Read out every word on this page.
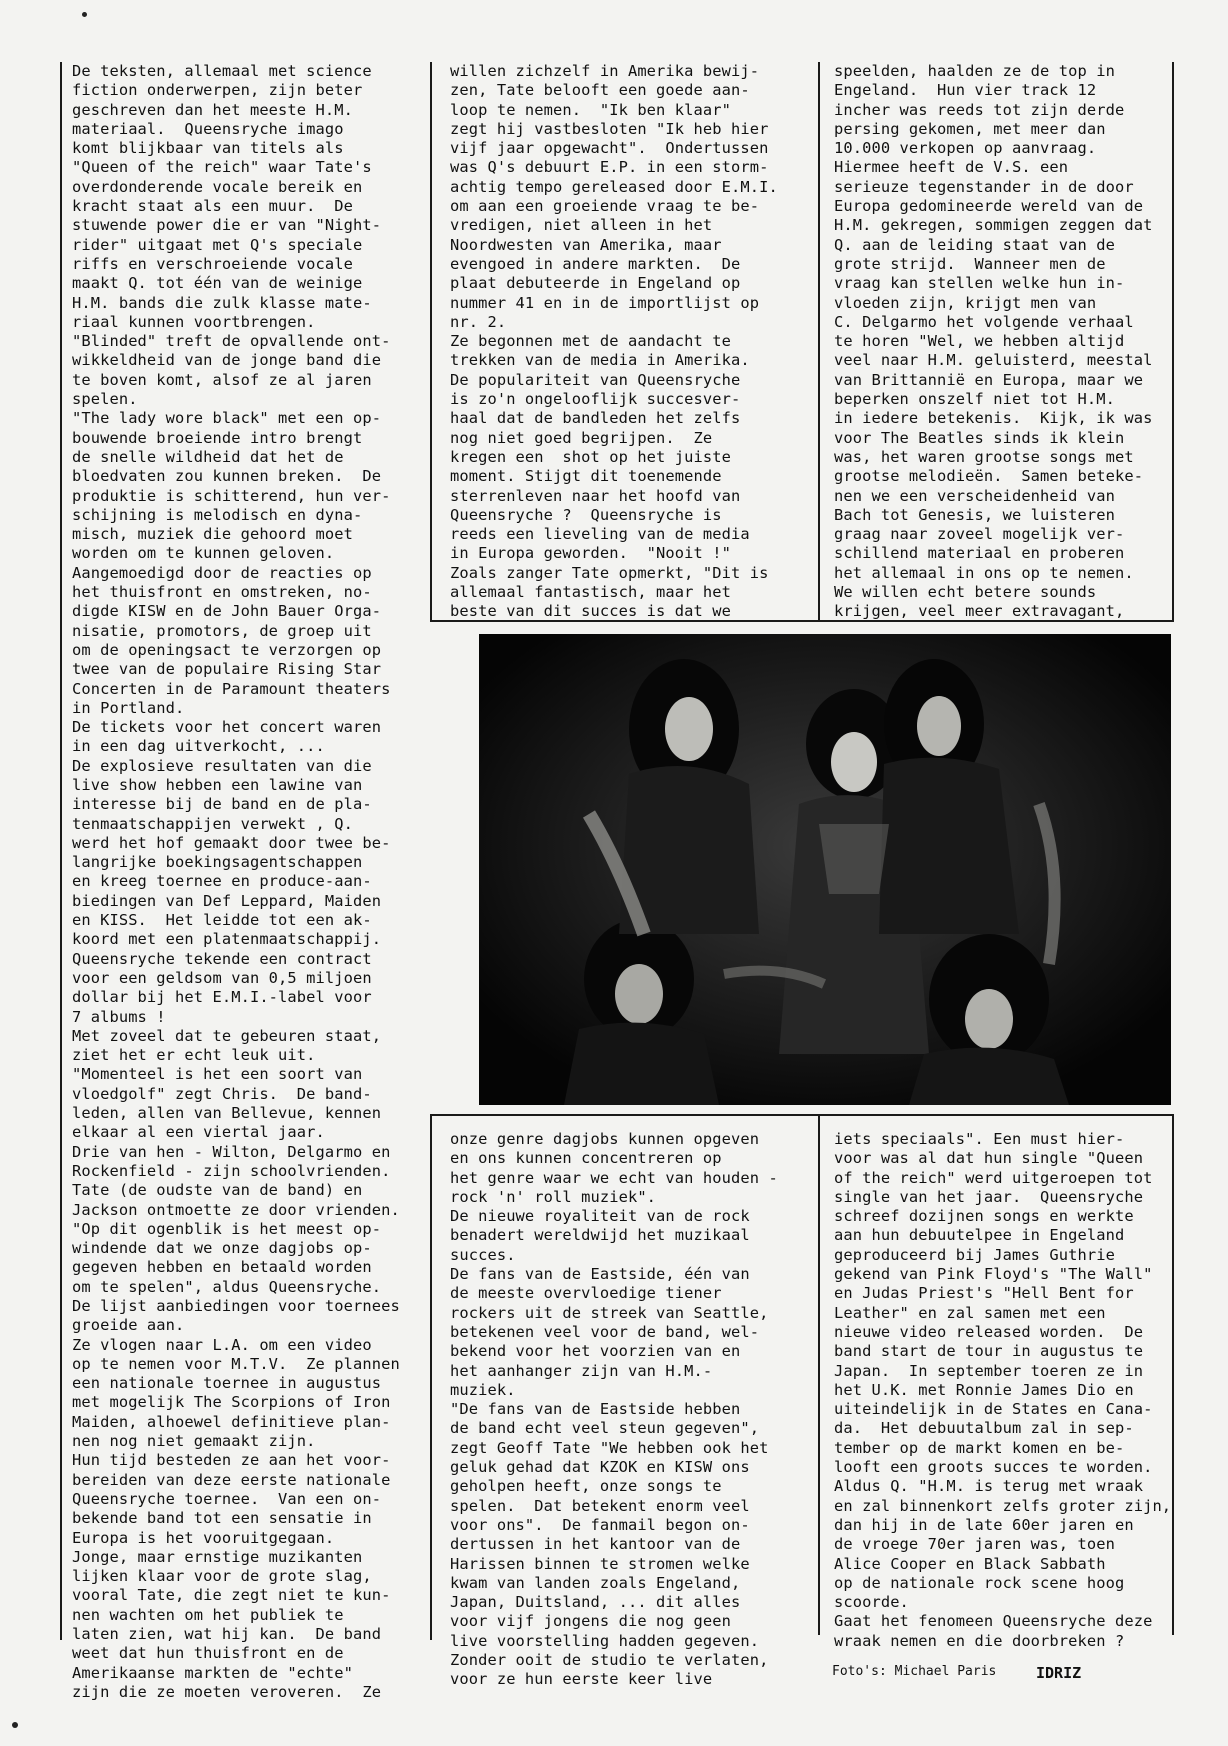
De teksten, allemaal met science
fiction onderwerpen, zijn beter
geschreven dan het meeste H.M.
materiaal.  Queensryche imago
komt blijkbaar van titels als
"Queen of the reich" waar Tate's
overdonderende vocale bereik en
kracht staat als een muur.  De
stuwende power die er van "Night-
rider" uitgaat met Q's speciale
riffs en verschroeiende vocale
maakt Q. tot één van de weinige
H.M. bands die zulk klasse mate-
riaal kunnen voortbrengen.
"Blinded" treft de opvallende ont-
wikkeldheid van de jonge band die
te boven komt, alsof ze al jaren
spelen.
"The lady wore black" met een op-
bouwende broeiende intro brengt
de snelle wildheid dat het de
bloedvaten zou kunnen breken.  De
produktie is schitterend, hun ver-
schijning is melodisch en dyna-
misch, muziek die gehoord moet
worden om te kunnen geloven.
Aangemoedigd door de reacties op
het thuisfront en omstreken, no-
digde KISW en de John Bauer Orga-
nisatie, promotors, de groep uit
om de openingsact te verzorgen op
twee van de populaire Rising Star
Concerten in de Paramount theaters
in Portland.
De tickets voor het concert waren
in een dag uitverkocht, ...
De explosieve resultaten van die
live show hebben een lawine van
interesse bij de band en de pla-
tenmaatschappijen verwekt , Q.
werd het hof gemaakt door twee be-
langrijke boekingsagentschappen
en kreeg toernee en produce-aan-
biedingen van Def Leppard, Maiden
en KISS.  Het leidde tot een ak-
koord met een platenmaatschappij.
Queensryche tekende een contract
voor een geldsom van 0,5 miljoen
dollar bij het E.M.I.-label voor
7 albums !
Met zoveel dat te gebeuren staat,
ziet het er echt leuk uit.
"Momenteel is het een soort van
vloedgolf" zegt Chris.  De band-
leden, allen van Bellevue, kennen
elkaar al een viertal jaar.
Drie van hen - Wilton, Delgarmo en
Rockenfield - zijn schoolvrienden.
Tate (de oudste van de band) en
Jackson ontmoette ze door vrienden.
"Op dit ogenblik is het meest op-
windende dat we onze dagjobs op-
gegeven hebben en betaald worden
om te spelen", aldus Queensryche.
De lijst aanbiedingen voor toernees
groeide aan.
Ze vlogen naar L.A. om een video
op te nemen voor M.T.V.  Ze plannen
een nationale toernee in augustus
met mogelijk The Scorpions of Iron
Maiden, alhoewel definitieve plan-
nen nog niet gemaakt zijn.
Hun tijd besteden ze aan het voor-
bereiden van deze eerste nationale
Queensryche toernee.  Van een on-
bekende band tot een sensatie in
Europa is het vooruitgegaan.
Jonge, maar ernstige muzikanten
lijken klaar voor de grote slag,
vooral Tate, die zegt niet te kun-
nen wachten om het publiek te
laten zien, wat hij kan.  De band
weet dat hun thuisfront en de
Amerikaanse markten de "echte"
zijn die ze moeten veroveren.  Ze
willen zichzelf in Amerika bewij-
zen, Tate belooft een goede aan-
loop te nemen.  "Ik ben klaar"
zegt hij vastbesloten "Ik heb hier
vijf jaar opgewacht".  Ondertussen
was Q's debuurt E.P. in een storm-
achtig tempo gereleased door E.M.I.
om aan een groeiende vraag te be-
vredigen, niet alleen in het
Noordwesten van Amerika, maar
evengoed in andere markten.  De
plaat debuteerde in Engeland op
nummer 41 en in de importlijst op
nr. 2.
Ze begonnen met de aandacht te
trekken van de media in Amerika.
De populariteit van Queensryche
is zo'n ongelooflijk succesver-
haal dat de bandleden het zelfs
nog niet goed begrijpen.  Ze
kregen een  shot op het juiste
moment. Stijgt dit toenemende
sterrenleven naar het hoofd van
Queensryche ?  Queensryche is
reeds een lieveling van de media
in Europa geworden.  "Nooit !"
Zoals zanger Tate opmerkt, "Dit is
allemaal fantastisch, maar het
beste van dit succes is dat we
speelden, haalden ze de top in
Engeland.  Hun vier track 12
incher was reeds tot zijn derde
persing gekomen, met meer dan
10.000 verkopen op aanvraag.
Hiermee heeft de V.S. een
serieuze tegenstander in de door
Europa gedomineerde wereld van de
H.M. gekregen, sommigen zeggen dat
Q. aan de leiding staat van de
grote strijd.  Wanneer men de
vraag kan stellen welke hun in-
vloeden zijn, krijgt men van
C. Delgarmo het volgende verhaal
te horen "Wel, we hebben altijd
veel naar H.M. geluisterd, meestal
van Brittannië en Europa, maar we
beperken onszelf niet tot H.M.
in iedere betekenis.  Kijk, ik was
voor The Beatles sinds ik klein
was, het waren grootse songs met
grootse melodieën.  Samen beteke-
nen we een verscheidenheid van
Bach tot Genesis, we luisteren
graag naar zoveel mogelijk ver-
schillend materiaal en proberen
het allemaal in ons op te nemen.
We willen echt betere sounds
krijgen, veel meer extravagant,
onze genre dagjobs kunnen opgeven
en ons kunnen concentreren op
het genre waar we echt van houden -
rock 'n' roll muziek".
De nieuwe royaliteit van de rock
benadert wereldwijd het muzikaal
succes.
De fans van de Eastside, één van
de meeste overvloedige tiener
rockers uit de streek van Seattle,
betekenen veel voor de band, wel-
bekend voor het voorzien van en
het aanhanger zijn van H.M.-
muziek.
"De fans van de Eastside hebben
de band echt veel steun gegeven",
zegt Geoff Tate "We hebben ook het
geluk gehad dat KZOK en KISW ons
geholpen heeft, onze songs te
spelen.  Dat betekent enorm veel
voor ons".  De fanmail begon on-
dertussen in het kantoor van de
Harissen binnen te stromen welke
kwam van landen zoals Engeland,
Japan, Duitsland, ... dit alles
voor vijf jongens die nog geen
live voorstelling hadden gegeven.
Zonder ooit de studio te verlaten,
voor ze hun eerste keer live
iets speciaals". Een must hier-
voor was al dat hun single "Queen
of the reich" werd uitgeroepen tot
single van het jaar.  Queensryche
schreef dozijnen songs en werkte
aan hun debuutelpee in Engeland
geproduceerd bij James Guthrie
gekend van Pink Floyd's "The Wall"
en Judas Priest's "Hell Bent for
Leather" en zal samen met een
nieuwe video released worden.  De
band start de tour in augustus te
Japan.  In september toeren ze in
het U.K. met Ronnie James Dio en
uiteindelijk in de States en Cana-
da.  Het debuutalbum zal in sep-
tember op de markt komen en be-
looft een groots succes te worden.
Aldus Q. "H.M. is terug met wraak
en zal binnenkort zelfs groter zijn,
dan hij in de late 60er jaren en
de vroege 70er jaren was, toen
Alice Cooper en Black Sabbath
op de nationale rock scene hoog
scoorde.
Gaat het fenomeen Queensryche deze
wraak nemen en die doorbreken ?
Foto's: Michael Paris	IDRIZ
